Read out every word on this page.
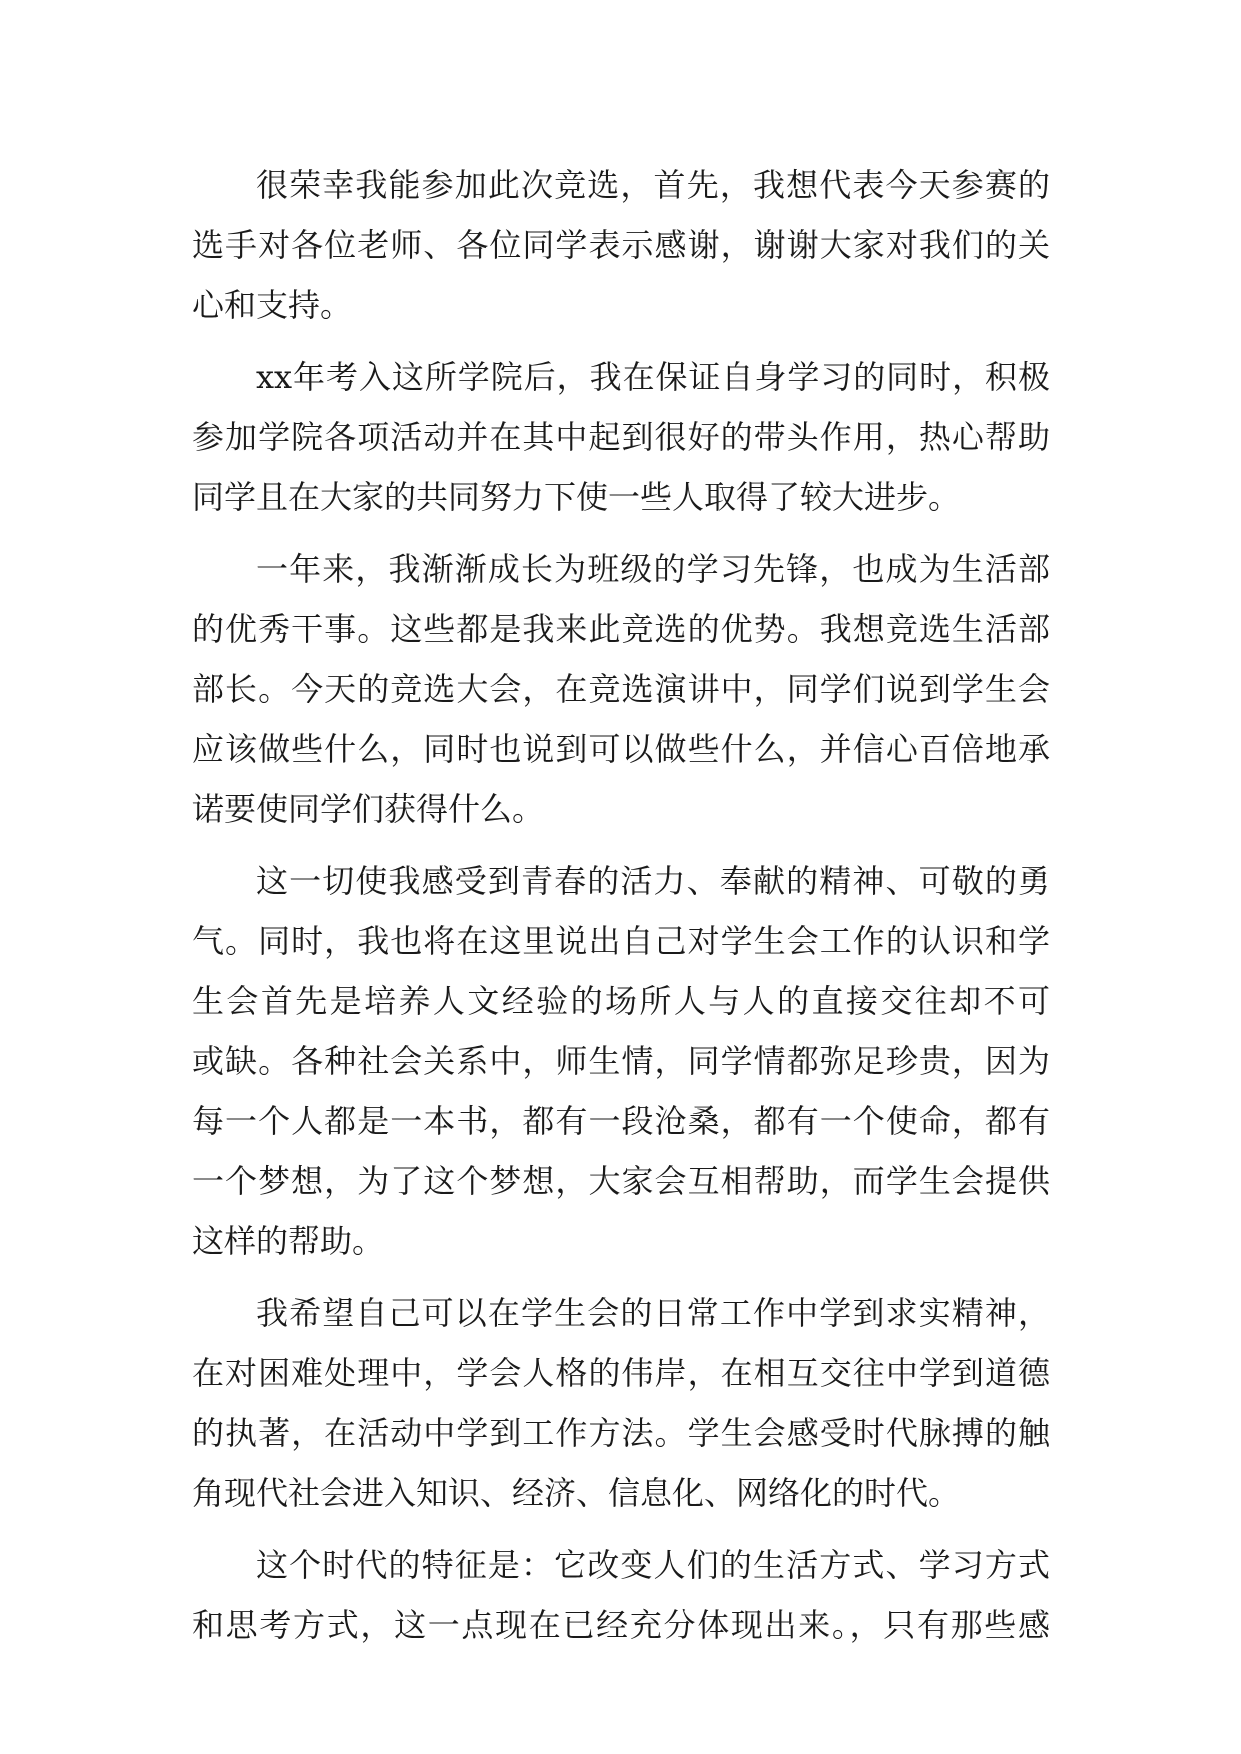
很荣幸我能参加此次竞选，首先，我想代表今天参赛的
选手对各位老师、各位同学表示感谢，谢谢大家对我们的关
心和支持。
xx年考入这所学院后，我在保证自身学习的同时，积极
参加学院各项活动并在其中起到很好的带头作用，热心帮助
同学且在大家的共同努力下使一些人取得了较大进步。
一年来，我渐渐成长为班级的学习先锋，也成为生活部
的优秀干事。这些都是我来此竞选的优势。我想竞选生活部
部长。今天的竞选大会，在竞选演讲中，同学们说到学生会
应该做些什么，同时也说到可以做些什么，并信心百倍地承
诺要使同学们获得什么。
这一切使我感受到青春的活力、奉献的精神、可敬的勇
气。同时，我也将在这里说出自己对学生会工作的认识和学
生会首先是培养人文经验的场所人与人的直接交往却不可
或缺。各种社会关系中，师生情，同学情都弥足珍贵，因为
每一个人都是一本书，都有一段沧桑，都有一个使命，都有
一个梦想，为了这个梦想，大家会互相帮助，而学生会提供
这样的帮助。
我希望自己可以在学生会的日常工作中学到求实精神，
在对困难处理中，学会人格的伟岸，在相互交往中学到道德
的执著，在活动中学到工作方法。学生会感受时代脉搏的触
角现代社会进入知识、经济、信息化、网络化的时代。
这个时代的特征是：它改变人们的生活方式、学习方式
和思考方式，这一点现在已经充分体现出来。，只有那些感
